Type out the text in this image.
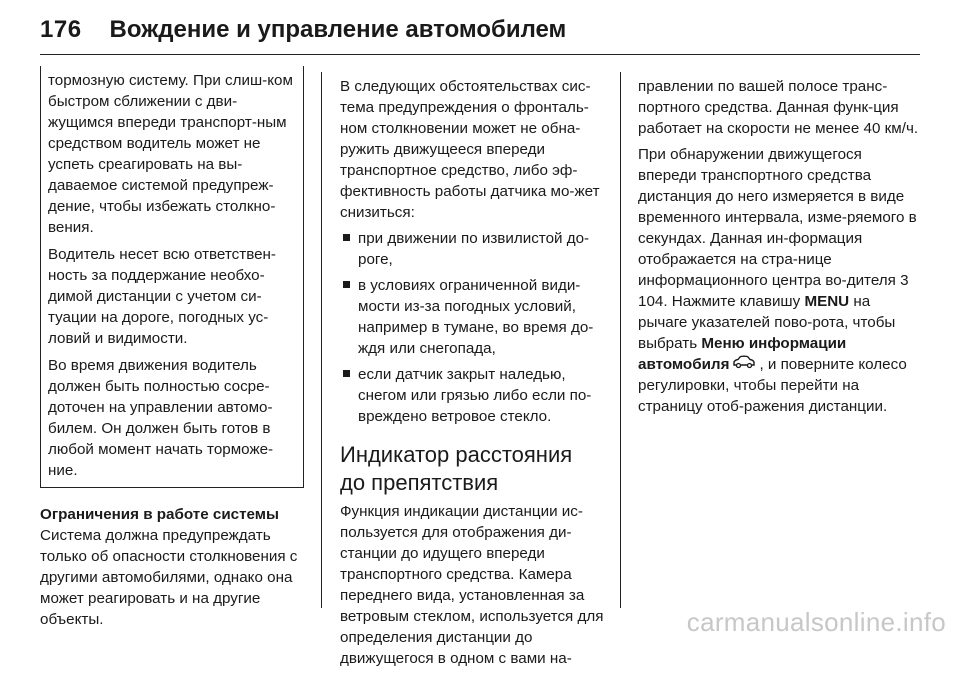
176 Вождение и управление автомобилем

тормозную систему. При слиш-ком быстром сближении с дви-жущимся впереди транспорт-ным средством водитель может не успеть среагировать на вы-даваемое системой предупреж-дение, чтобы избежать столкно-вения.

Водитель несет всю ответствен-ность за поддержание необхо-димой дистанции с учетом си-туации на дороге, погодных ус-ловий и видимости.

Во время движения водитель должен быть полностью сосре-доточен на управлении автомо-билем. Он должен быть готов в любой момент начать торможе-ние.

Ограничения в работе системы

Система должна предупреждать только об опасности столкновения с другими автомобилями, однако она может реагировать и на другие объекты.

В следующих обстоятельствах сис-тема предупреждения о фронталь-ном столкновении может не обна-ружить движущееся впереди транспортное средство, либо эф-фективность работы датчика мо-жет снизиться:

при движении по извилистой до-роге,
в условиях ограниченной види-мости из-за погодных условий, например в тумане, во время до-ждя или снегопада,
если датчик закрыт наледью, снегом или грязью либо если по-вреждено ветровое стекло.
Индикатор расстояния
до препятствия

Функция индикации дистанции ис-пользуется для отображения ди-станции до идущего впереди транспортного средства. Камера переднего вида, установленная за ветровым стеклом, используется для определения дистанции до движущегося в одном с вами на-

правлении по вашей полосе транс-портного средства. Данная функ-ция работает на скорости не менее 40 км/ч.

При обнаружении движущегося впереди транспортного средства дистанция до него измеряется в виде временного интервала, изме-ряемого в секундах. Данная ин-формация отображается на стра-нице информационного центра во-дителя 3 104. Нажмите клавишу MENU на рычаге указателей пово-рота, чтобы выбрать Меню информации автомобиля , и поверните колесо регулировки, чтобы перейти на страницу отоб-ражения дистанции.

carmanualsonline.info
